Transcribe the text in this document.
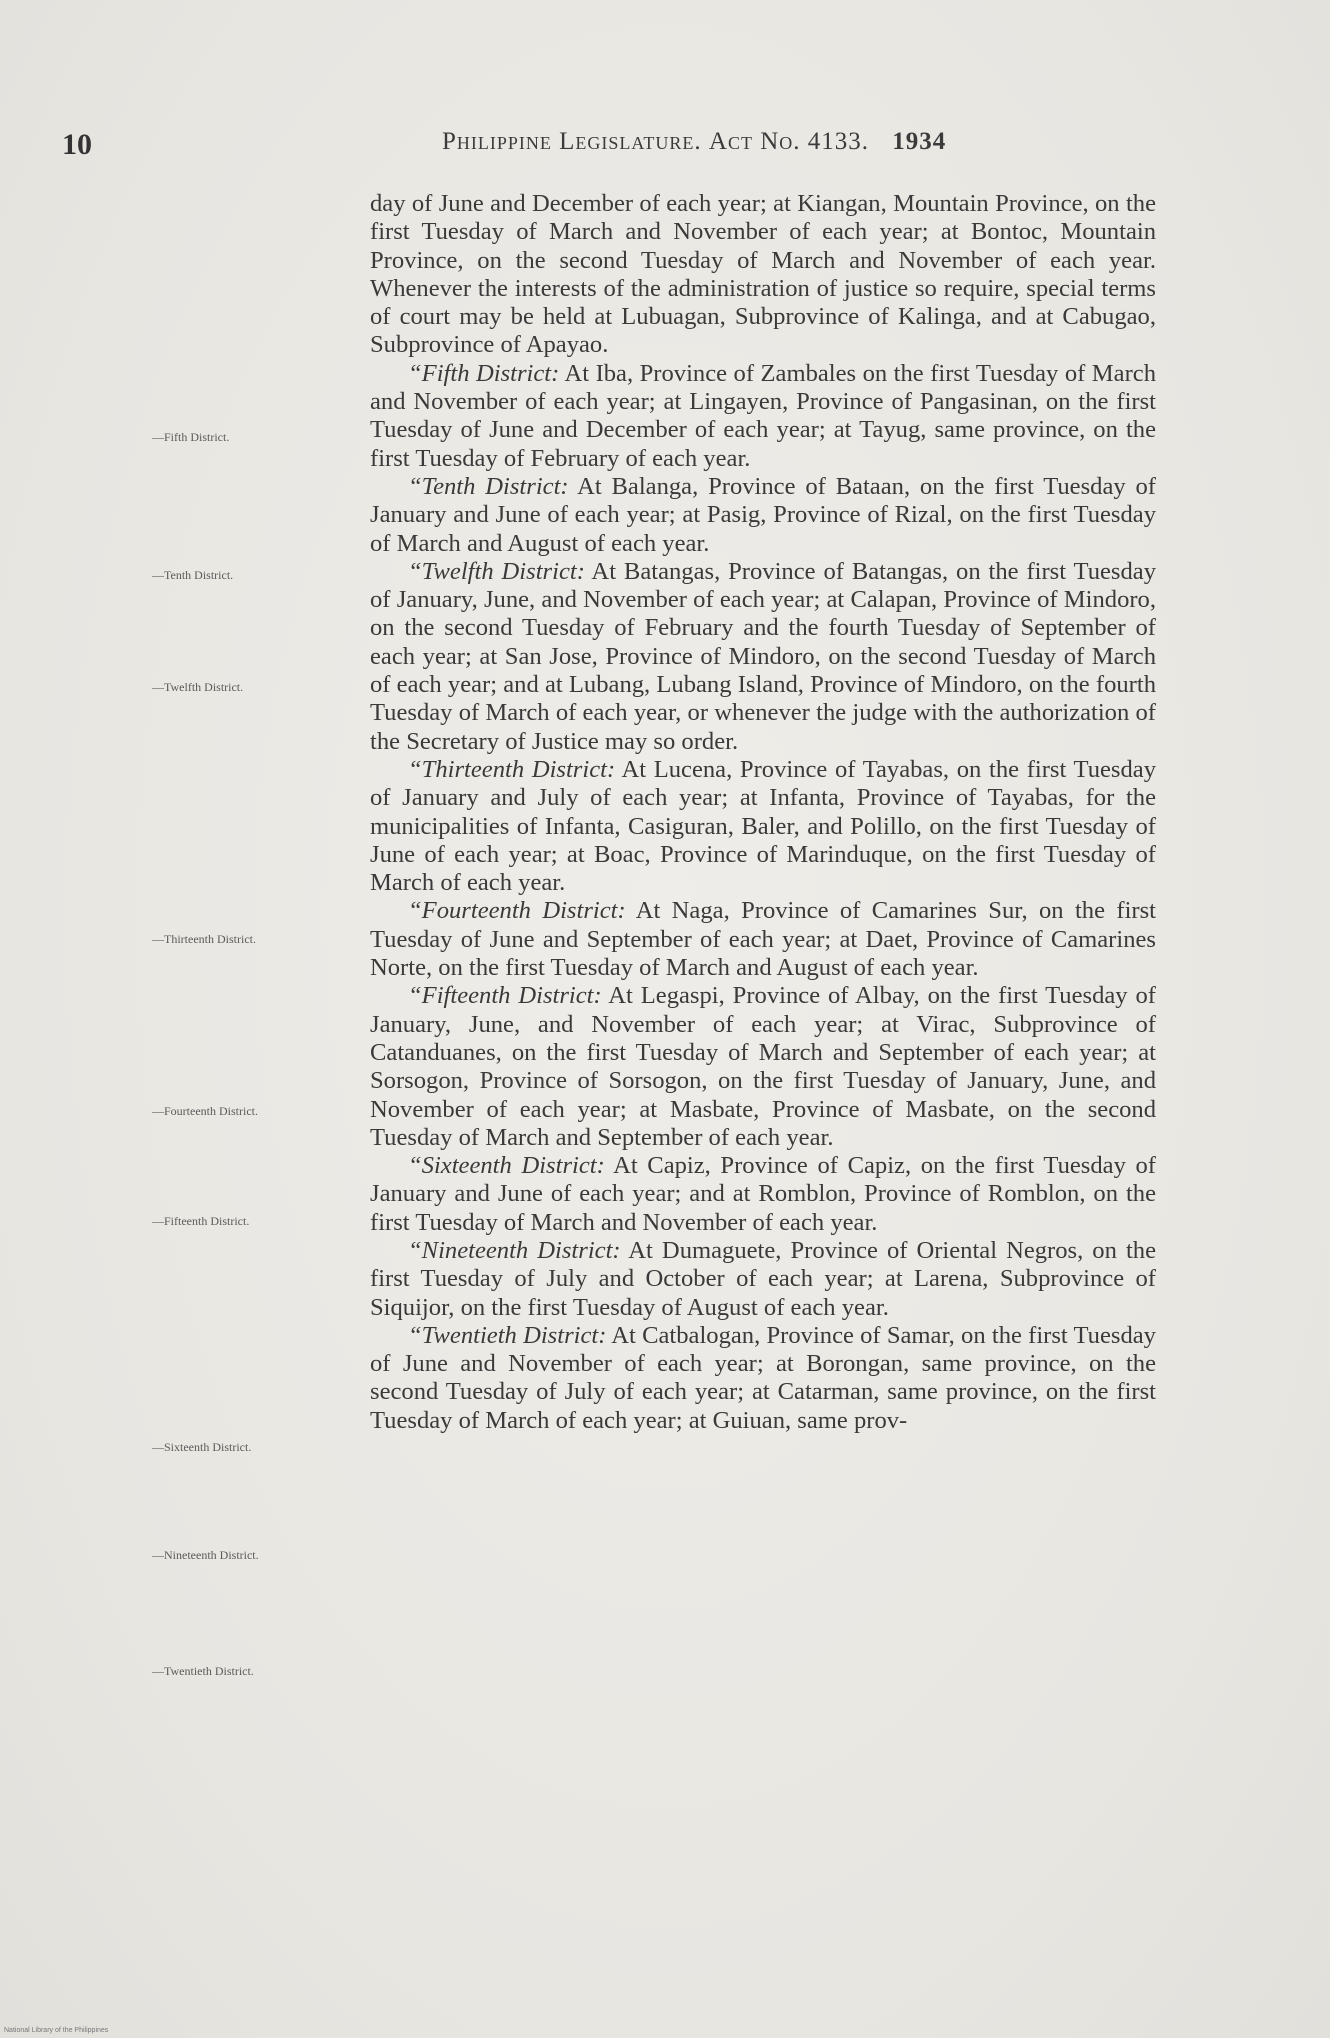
10	Philippine Legislature. Act No. 4133. 1934
—Fifth District.
—Tenth District.
—Twelfth District.
—Thirteenth District.
—Fourteenth District.
—Fifteenth District.
—Sixteenth District.
—Nineteenth District.
—Twentieth District.

day of June and December of each year; at Kiangan, Mountain Province, on the first Tuesday of March and November of each year; at Bontoc, Mountain Province, on the second Tuesday of March and November of each year. Whenever the interests of the administration of justice so require, special terms of court may be held at Lubuagan, Subprovince of Kalinga, and at Cabugao, Subprovince of Apayao.

“Fifth District: At Iba, Province of Zambales on the first Tuesday of March and November of each year; at Lingayen, Province of Pangasinan, on the first Tuesday of June and December of each year; at Tayug, same province, on the first Tuesday of February of each year.

“Tenth District: At Balanga, Province of Bataan, on the first Tuesday of January and June of each year; at Pasig, Province of Rizal, on the first Tuesday of March and August of each year.

“Twelfth District: At Batangas, Province of Batangas, on the first Tuesday of January, June, and November of each year; at Calapan, Province of Mindoro, on the second Tuesday of February and the fourth Tuesday of September of each year; at San Jose, Province of Mindoro, on the second Tuesday of March of each year; and at Lubang, Lubang Island, Province of Mindoro, on the fourth Tuesday of March of each year, or whenever the judge with the authorization of the Secretary of Justice may so order.

“Thirteenth District: At Lucena, Province of Tayabas, on the first Tuesday of January and July of each year; at Infanta, Province of Tayabas, for the municipalities of Infanta, Casiguran, Baler, and Polillo, on the first Tuesday of June of each year; at Boac, Province of Marinduque, on the first Tuesday of March of each year.

“Fourteenth District: At Naga, Province of Camarines Sur, on the first Tuesday of June and September of each year; at Daet, Province of Camarines Norte, on the first Tuesday of March and August of each year.

“Fifteenth District: At Legaspi, Province of Albay, on the first Tuesday of January, June, and November of each year; at Virac, Subprovince of Catanduanes, on the first Tuesday of March and September of each year; at Sorsogon, Province of Sorsogon, on the first Tuesday of January, June, and November of each year; at Masbate, Province of Masbate, on the second Tuesday of March and September of each year.

“Sixteenth District: At Capiz, Province of Capiz, on the first Tuesday of January and June of each year; and at Romblon, Province of Romblon, on the first Tuesday of March and November of each year.

“Nineteenth District: At Dumaguete, Province of Oriental Negros, on the first Tuesday of July and October of each year; at Larena, Subprovince of Siquijor, on the first Tuesday of August of each year.

“Twentieth District: At Catbalogan, Province of Samar, on the first Tuesday of June and November of each year; at Borongan, same province, on the second Tuesday of July of each year; at Catarman, same province, on the first Tuesday of March of each year; at Guiuan, same prov-

National Library of the Philippines
